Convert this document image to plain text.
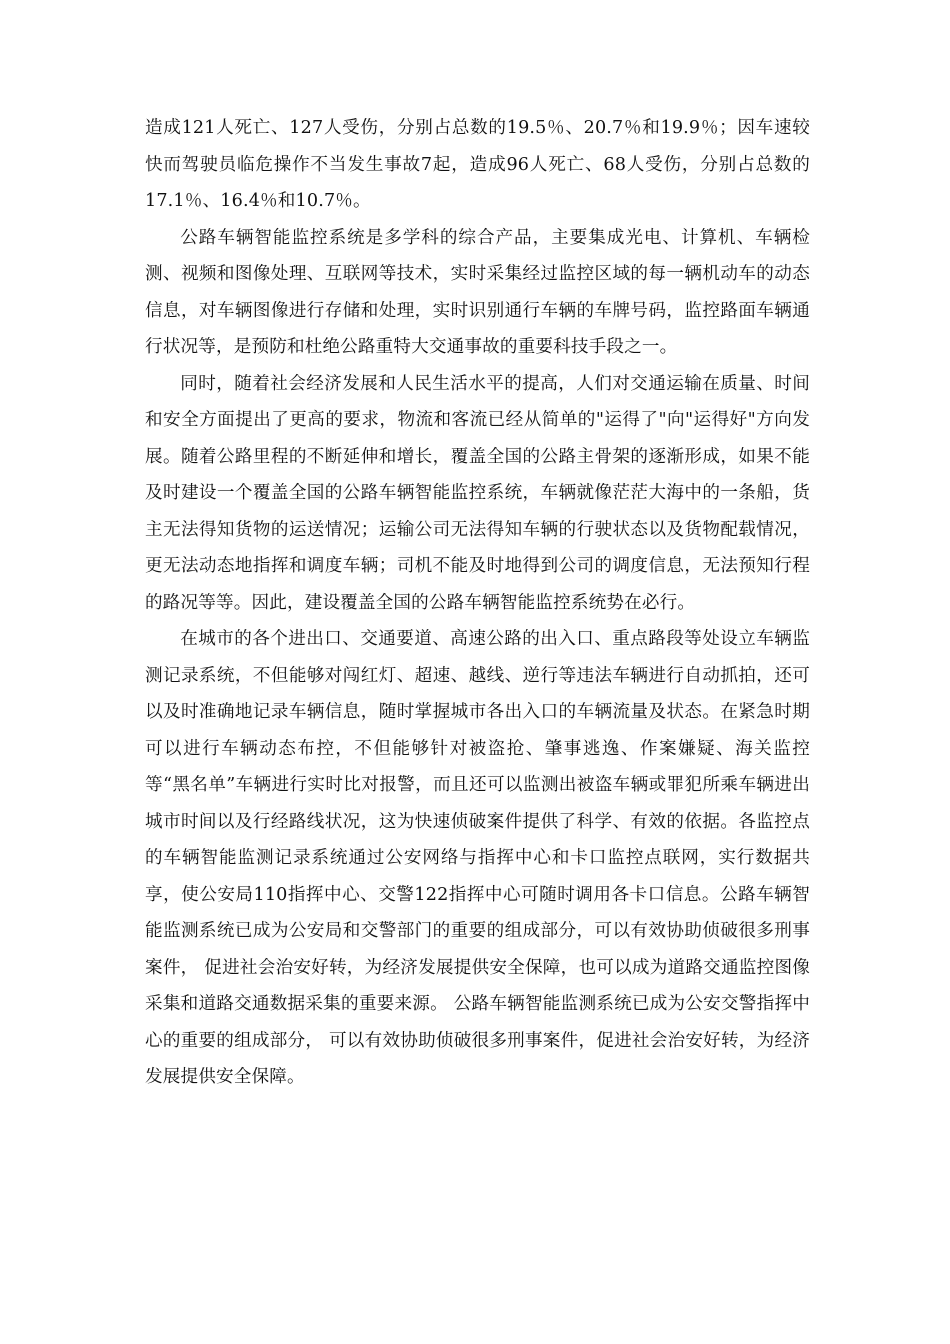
造成121人死亡、127人受伤，分别占总数的19.5％、20.7％和19.9％；因车速较快而驾驶员临危操作不当发生事故7起，造成96人死亡、68人受伤，分别占总数的17.1％、16.4％和10.7％。

公路车辆智能监控系统是多学科的综合产品，主要集成光电、计算机、车辆检测、视频和图像处理、互联网等技术，实时采集经过监控区域的每一辆机动车的动态信息，对车辆图像进行存储和处理，实时识别通行车辆的车牌号码，监控路面车辆通行状况等，是预防和杜绝公路重特大交通事故的重要科技手段之一。

同时，随着社会经济发展和人民生活水平的提高，人们对交通运输在质量、时间和安全方面提出了更高的要求，物流和客流已经从简单的"运得了"向"运得好"方向发展。随着公路里程的不断延伸和增长，覆盖全国的公路主骨架的逐渐形成，如果不能及时建设一个覆盖全国的公路车辆智能监控系统，车辆就像茫茫大海中的一条船，货主无法得知货物的运送情况；运输公司无法得知车辆的行驶状态以及货物配载情况，更无法动态地指挥和调度车辆；司机不能及时地得到公司的调度信息，无法预知行程的路况等等。因此，建设覆盖全国的公路车辆智能监控系统势在必行。

在城市的各个进出口、交通要道、高速公路的出入口、重点路段等处设立车辆监测记录系统，不但能够对闯红灯、超速、越线、逆行等违法车辆进行自动抓拍，还可以及时准确地记录车辆信息，随时掌握城市各出入口的车辆流量及状态。在紧急时期可以进行车辆动态布控，不但能够针对被盗抢、肇事逃逸、作案嫌疑、海关监控等“黑名单”车辆进行实时比对报警，而且还可以监测出被盗车辆或罪犯所乘车辆进出城市时间以及行经路线状况，这为快速侦破案件提供了科学、有效的依据。各监控点的车辆智能监测记录系统通过公安网络与指挥中心和卡口监控点联网，实行数据共享，使公安局110指挥中心、交警122指挥中心可随时调用各卡口信息。公路车辆智能监测系统已成为公安局和交警部门的重要的组成部分，可以有效协助侦破很多刑事案件， 促进社会治安好转，为经济发展提供安全保障，也可以成为道路交通监控图像采集和道路交通数据采集的重要来源。 公路车辆智能监测系统已成为公安交警指挥中心的重要的组成部分， 可以有效协助侦破很多刑事案件，促进社会治安好转，为经济发展提供安全保障。
